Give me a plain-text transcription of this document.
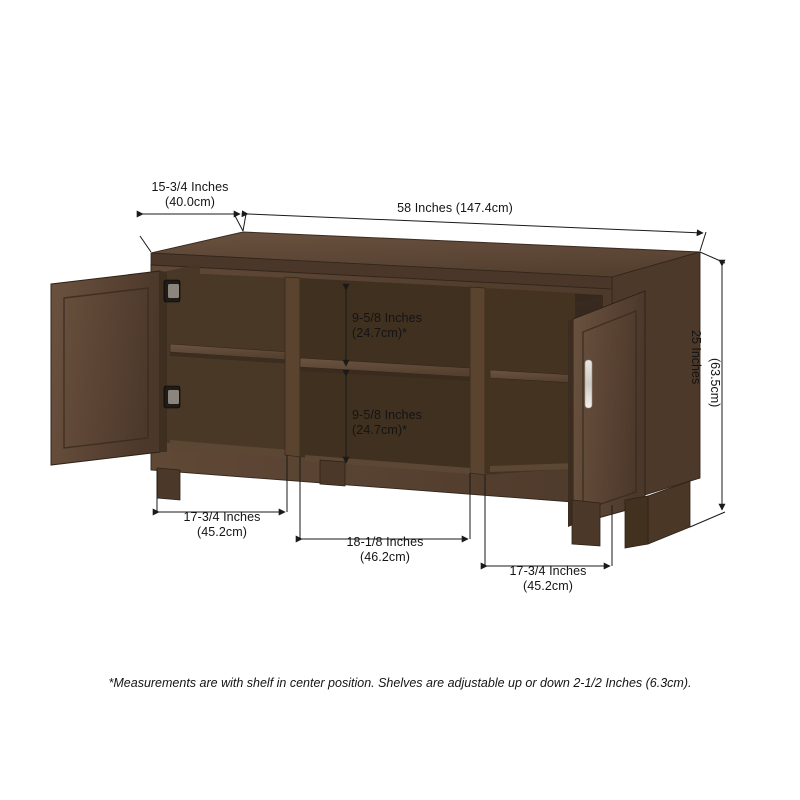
15-3/4 Inches
(40.0cm)	58 Inches (147.4cm)
25 Inches (63.5cm)
9-5/8 Inches
(24.7cm)*
9-5/8 Inches
(24.7cm)*
17-3/4 Inches
(45.2cm)
18-1/8 Inches
(46.2cm)
17-3/4 Inches
(45.2cm)
*Measurements are with shelf in center position. Shelves are adjustable up or down 2-1/2 Inches (6.3cm).
